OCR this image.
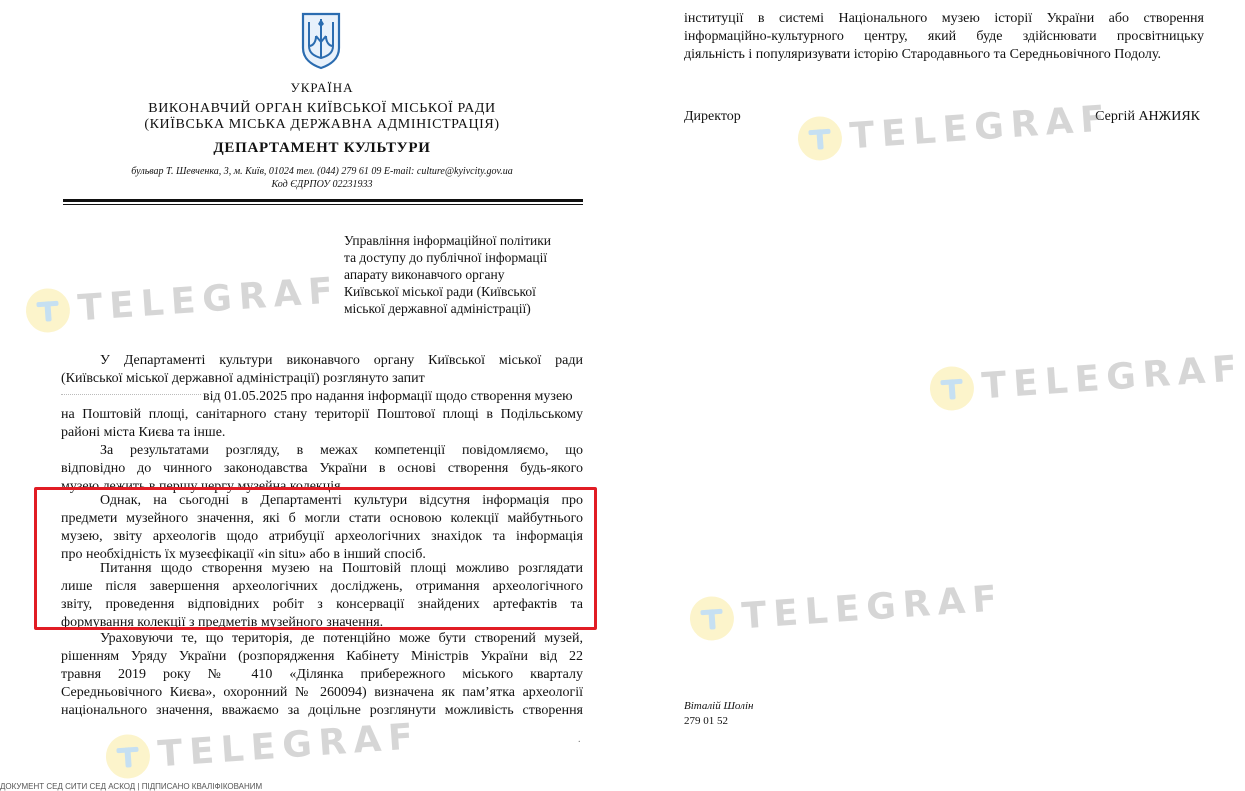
УКРАЇНА
ВИКОНАВЧИЙ ОРГАН КИЇВСЬКОЇ МІСЬКОЇ РАДИ
(КИЇВСЬКА МІСЬКА ДЕРЖАВНА АДМІНІСТРАЦІЯ)
ДЕПАРТАМЕНТ КУЛЬТУРИ
бульвар Т. Шевченка, 3, м. Київ, 01024 тел. (044) 279 61 09 E-mail: culture@kyivcity.gov.ua
Код ЄДРПОУ 02231933
Управління інформаційної політики
та доступу до публічної інформації
апарату виконавчого органу
Київської міської ради (Київської
міської державної адміністрації)
У Департаменті культури виконавчого органу Київської міської ради
(Київської міської державної адміністрації) розглянуто запит
від 01.05.2025 про надання інформації щодо створення музею
на Поштовій площі, санітарного стану території Поштової площі в Подільському
районі міста Києва та інше.
За результатами розгляду, в межах компетенції повідомляємо, що
відповідно до чинного законодавства України в основі створення будь-якого
музею лежить в першу чергу музейна колекція.
Однак, на сьогодні в Департаменті культури відсутня інформація про
предмети музейного значення, які б могли стати основою колекції майбутнього
музею, звіту археологів щодо атрибуції археологічних знахідок та інформація
про необхідність їх музеєфікації «in situ» або в інший спосіб.
Питання щодо створення музею на Поштовій площі можливо розглядати
лише після завершення археологічних досліджень, отримання археологічного
звіту, проведення відповідних робіт з консервації знайдених артефактів та
формування колекції з предметів музейного значення.
Ураховуючи те, що територія, де потенційно може бути створений музей,
рішенням Уряду України (розпорядження Кабінету Міністрів України від 22
травня 2019 року № 410 «Ділянка прибережного міського кварталу
Середньовічного Києва», охоронний № 260094) визначена як пам’ятка археології
національного значення, вважаємо за доцільне розглянути можливість створення
.
ДОКУМЕНТ СЕД СИТИ СЕД АСКОД | ПІДПИСАНО КВАЛІФІКОВАНИМ
інституції в системі Національного музею історії України або створення
інформаційно-культурного центру, який буде здійснювати просвітницьку
діяльність і популяризувати історію Стародавнього та Середньовічного Подолу.
Директор	Сергій АНЖИЯК
Віталій Шолін
279 01 52
TELEGRAF
TELEGRAF
TELEGRAF
TELEGRAF
TELEGRAF
